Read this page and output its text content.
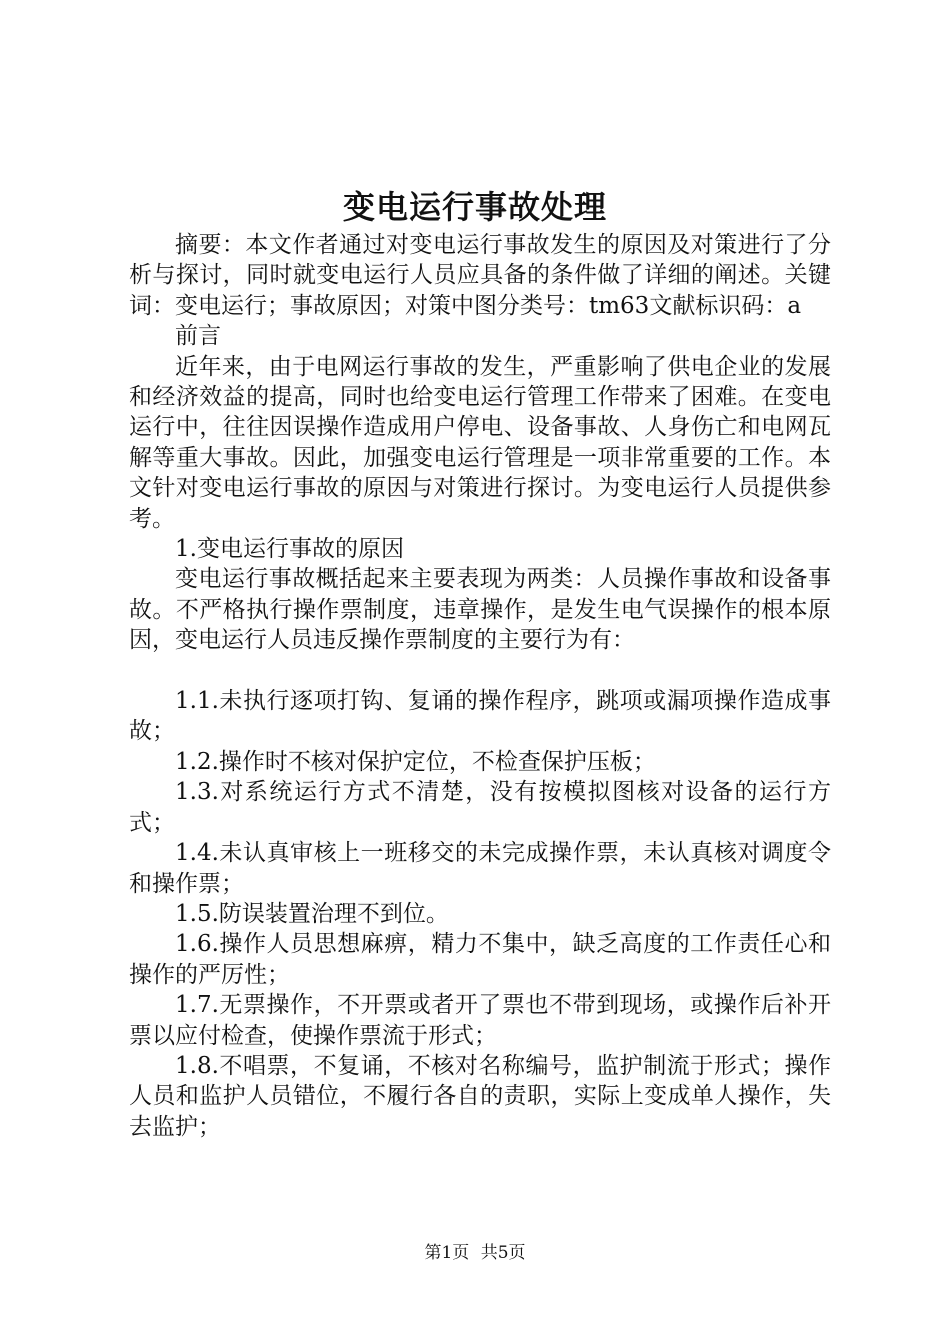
变电运行事故处理

摘要：本文作者通过对变电运行事故发生的原因及对策进行了分析与探讨，同时就变电运行人员应具备的条件做了详细的阐述。关键词：变电运行；事故原因；对策中图分类号：tm63文献标识码：a

前言

近年来，由于电网运行事故的发生，严重影响了供电企业的发展和经济效益的提高，同时也给变电运行管理工作带来了困难。在变电运行中，往往因误操作造成用户停电、设备事故、人身伤亡和电网瓦解等重大事故。因此，加强变电运行管理是一项非常重要的工作。本文针对变电运行事故的原因与对策进行探讨。为变电运行人员提供参考。

1.变电运行事故的原因

变电运行事故概括起来主要表现为两类：人员操作事故和设备事故。不严格执行操作票制度，违章操作，是发生电气误操作的根本原因，变电运行人员违反操作票制度的主要行为有：

1.1.未执行逐项打钩、复诵的操作程序，跳项或漏项操作造成事故；

1.2.操作时不核对保护定位，不检查保护压板；

1.3.对系统运行方式不清楚，没有按模拟图核对设备的运行方式；

1.4.未认真审核上一班移交的未完成操作票，未认真核对调度令和操作票；

1.5.防误装置治理不到位。

1.6.操作人员思想麻痹，精力不集中，缺乏高度的工作责任心和操作的严厉性；

1.7.无票操作，不开票或者开了票也不带到现场，或操作后补开票以应付检查，使操作票流于形式；

1.8.不唱票，不复诵，不核对名称编号，监护制流于形式；操作人员和监护人员错位，不履行各自的责职，实际上变成单人操作，失去监护；

第1页 共5页
